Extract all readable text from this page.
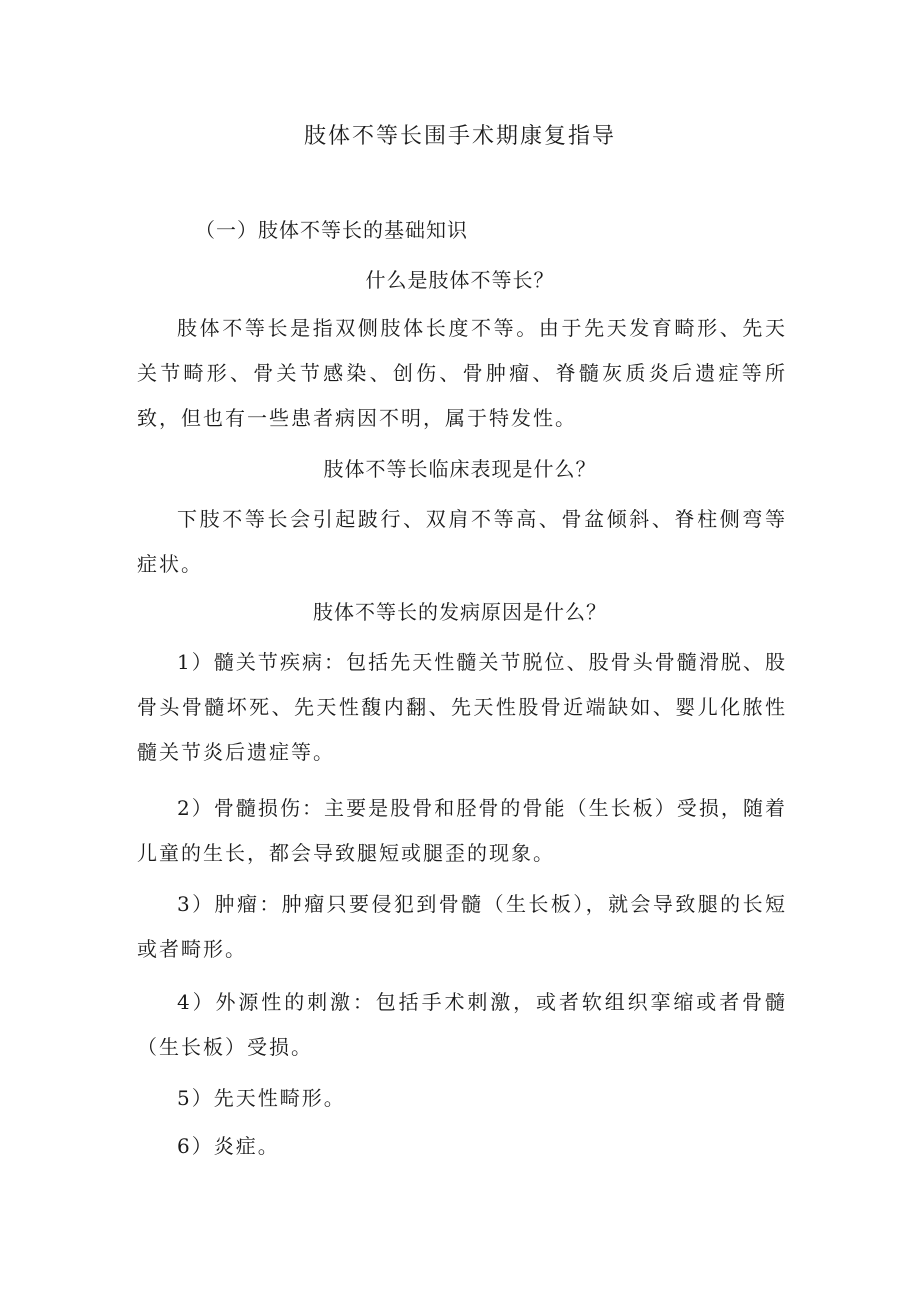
肢体不等长围手术期康复指导
（一）肢体不等长的基础知识
什么是肢体不等长？
肢体不等长是指双侧肢体长度不等。由于先天发育畸形、先天关节畸形、骨关节感染、创伤、骨肿瘤、脊髓灰质炎后遗症等所致，但也有一些患者病因不明，属于特发性。
肢体不等长临床表现是什么？
下肢不等长会引起跛行、双肩不等高、骨盆倾斜、脊柱侧弯等症状。
肢体不等长的发病原因是什么？
1）髓关节疾病：包括先天性髓关节脱位、股骨头骨髓滑脱、股骨头骨髓坏死、先天性馥内翻、先天性股骨近端缺如、婴儿化脓性髓关节炎后遗症等。
2）骨髓损伤：主要是股骨和胫骨的骨能（生长板）受损，随着儿童的生长，都会导致腿短或腿歪的现象。
3）肿瘤：肿瘤只要侵犯到骨髓（生长板），就会导致腿的长短或者畸形。
4）外源性的刺激：包括手术刺激，或者软组织挛缩或者骨髓（生长板）受损。
5）先天性畸形。
6）炎症。
